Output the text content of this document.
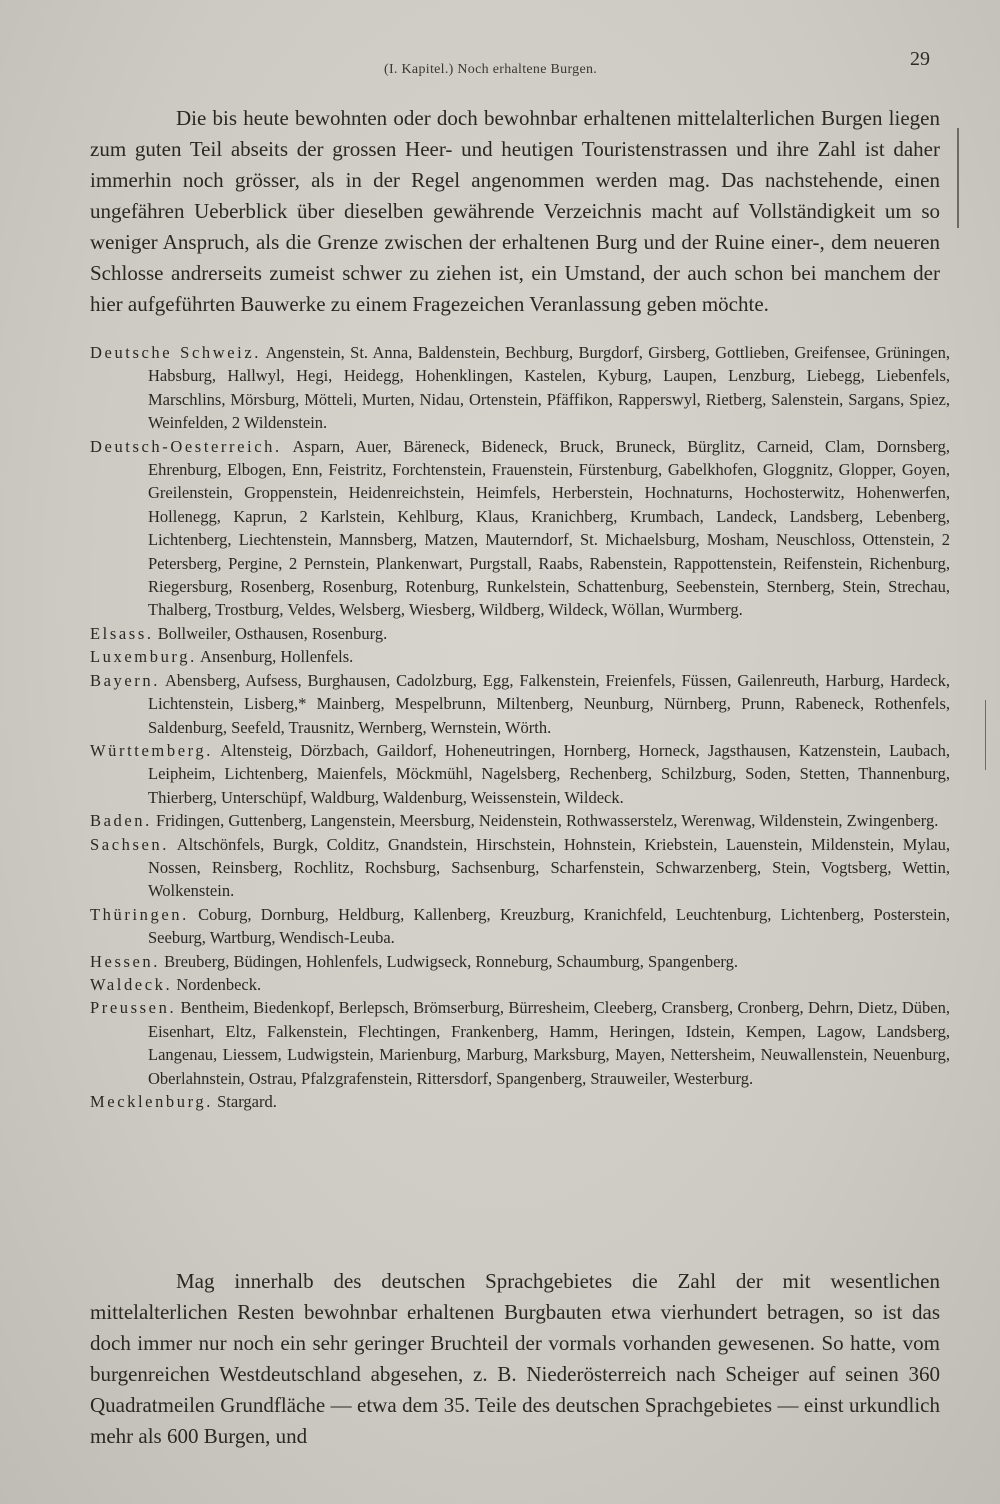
(I. Kapitel.) Noch erhaltene Burgen.	29

Die bis heute bewohnten oder doch bewohnbar erhaltenen mittelalterlichen Burgen liegen zum guten Teil abseits der grossen Heer- und heutigen Touristenstrassen und ihre Zahl ist daher immerhin noch grösser, als in der Regel angenommen werden mag. Das nachstehende, einen ungefähren Ueberblick über dieselben gewährende Verzeichnis macht auf Vollständigkeit um so weniger Anspruch, als die Grenze zwischen der erhaltenen Burg und der Ruine einer-, dem neueren Schlosse andrerseits zumeist schwer zu ziehen ist, ein Umstand, der auch schon bei manchem der hier aufgeführten Bauwerke zu einem Fragezeichen Veranlassung geben möchte.

Deutsche Schweiz. Angenstein, St. Anna, Baldenstein, Bechburg, Burgdorf, Girsberg, Gottlieben, Greifensee, Grüningen, Habsburg, Hallwyl, Hegi, Heidegg, Hohenklingen, Kastelen, Kyburg, Laupen, Lenzburg, Liebegg, Liebenfels, Marschlins, Mörsburg, Mötteli, Murten, Nidau, Ortenstein, Pfäffikon, Rapperswyl, Rietberg, Salenstein, Sargans, Spiez, Weinfelden, 2 Wildenstein.
Deutsch-Oesterreich. Asparn, Auer, Bäreneck, Bideneck, Bruck, Bruneck, Bürglitz, Carneid, Clam, Dornsberg, Ehrenburg, Elbogen, Enn, Feistritz, Forchtenstein, Frauenstein, Fürstenburg, Gabelkhofen, Gloggnitz, Glopper, Goyen, Greilenstein, Groppenstein, Heidenreichstein, Heimfels, Herberstein, Hochnaturns, Hochosterwitz, Hohenwerfen, Hollenegg, Kaprun, 2 Karlstein, Kehlburg, Klaus, Kranichberg, Krumbach, Landeck, Landsberg, Lebenberg, Lichtenberg, Liechtenstein, Mannsberg, Matzen, Mauterndorf, St. Michaelsburg, Mosham, Neuschloss, Ottenstein, 2 Petersberg, Pergine, 2 Pernstein, Plankenwart, Purgstall, Raabs, Rabenstein, Rappottenstein, Reifenstein, Richenburg, Riegersburg, Rosenberg, Rosenburg, Rotenburg, Runkelstein, Schattenburg, Seebenstein, Sternberg, Stein, Strechau, Thalberg, Trostburg, Veldes, Welsberg, Wiesberg, Wildberg, Wildeck, Wöllan, Wurmberg.
Elsass. Bollweiler, Osthausen, Rosenburg.
Luxemburg. Ansenburg, Hollenfels.
Bayern. Abensberg, Aufsess, Burghausen, Cadolzburg, Egg, Falkenstein, Freienfels, Füssen, Gailenreuth, Harburg, Hardeck, Lichtenstein, Lisberg,* Mainberg, Mespelbrunn, Miltenberg, Neunburg, Nürnberg, Prunn, Rabeneck, Rothenfels, Saldenburg, Seefeld, Trausnitz, Wernberg, Wernstein, Wörth.
Württemberg. Altensteig, Dörzbach, Gaildorf, Hoheneutringen, Hornberg, Horneck, Jagsthausen, Katzenstein, Laubach, Leipheim, Lichtenberg, Maienfels, Möckmühl, Nagelsberg, Rechenberg, Schilzburg, Soden, Stetten, Thannenburg, Thierberg, Unterschüpf, Waldburg, Waldenburg, Weissenstein, Wildeck.
Baden. Fridingen, Guttenberg, Langenstein, Meersburg, Neidenstein, Rothwasserstelz, Werenwag, Wildenstein, Zwingenberg.
Sachsen. Altschönfels, Burgk, Colditz, Gnandstein, Hirschstein, Hohnstein, Kriebstein, Lauenstein, Mildenstein, Mylau, Nossen, Reinsberg, Rochlitz, Rochsburg, Sachsenburg, Scharfenstein, Schwarzenberg, Stein, Vogtsberg, Wettin, Wolkenstein.
Thüringen. Coburg, Dornburg, Heldburg, Kallenberg, Kreuzburg, Kranichfeld, Leuchtenburg, Lichtenberg, Posterstein, Seeburg, Wartburg, Wendisch-Leuba.
Hessen. Breuberg, Büdingen, Hohlenfels, Ludwigseck, Ronneburg, Schaumburg, Spangenberg.
Waldeck. Nordenbeck.
Preussen. Bentheim, Biedenkopf, Berlepsch, Brömserburg, Bürresheim, Cleeberg, Cransberg, Cronberg, Dehrn, Dietz, Düben, Eisenhart, Eltz, Falkenstein, Flechtingen, Frankenberg, Hamm, Heringen, Idstein, Kempen, Lagow, Landsberg, Langenau, Liessem, Ludwigstein, Marienburg, Marburg, Marksburg, Mayen, Nettersheim, Neuwallenstein, Neuenburg, Oberlahnstein, Ostrau, Pfalzgrafenstein, Rittersdorf, Spangenberg, Strauweiler, Westerburg.
Mecklenburg. Stargard.

Mag innerhalb des deutschen Sprachgebietes die Zahl der mit wesentlichen mittelalterlichen Resten bewohnbar erhaltenen Burgbauten etwa vierhundert betragen, so ist das doch immer nur noch ein sehr geringer Bruchteil der vormals vorhanden gewesenen. So hatte, vom burgenreichen Westdeutschland abgesehen, z. B. Niederösterreich nach Scheiger auf seinen 360 Quadratmeilen Grundfläche — etwa dem 35. Teile des deutschen Sprachgebietes — einst urkundlich mehr als 600 Burgen, und
